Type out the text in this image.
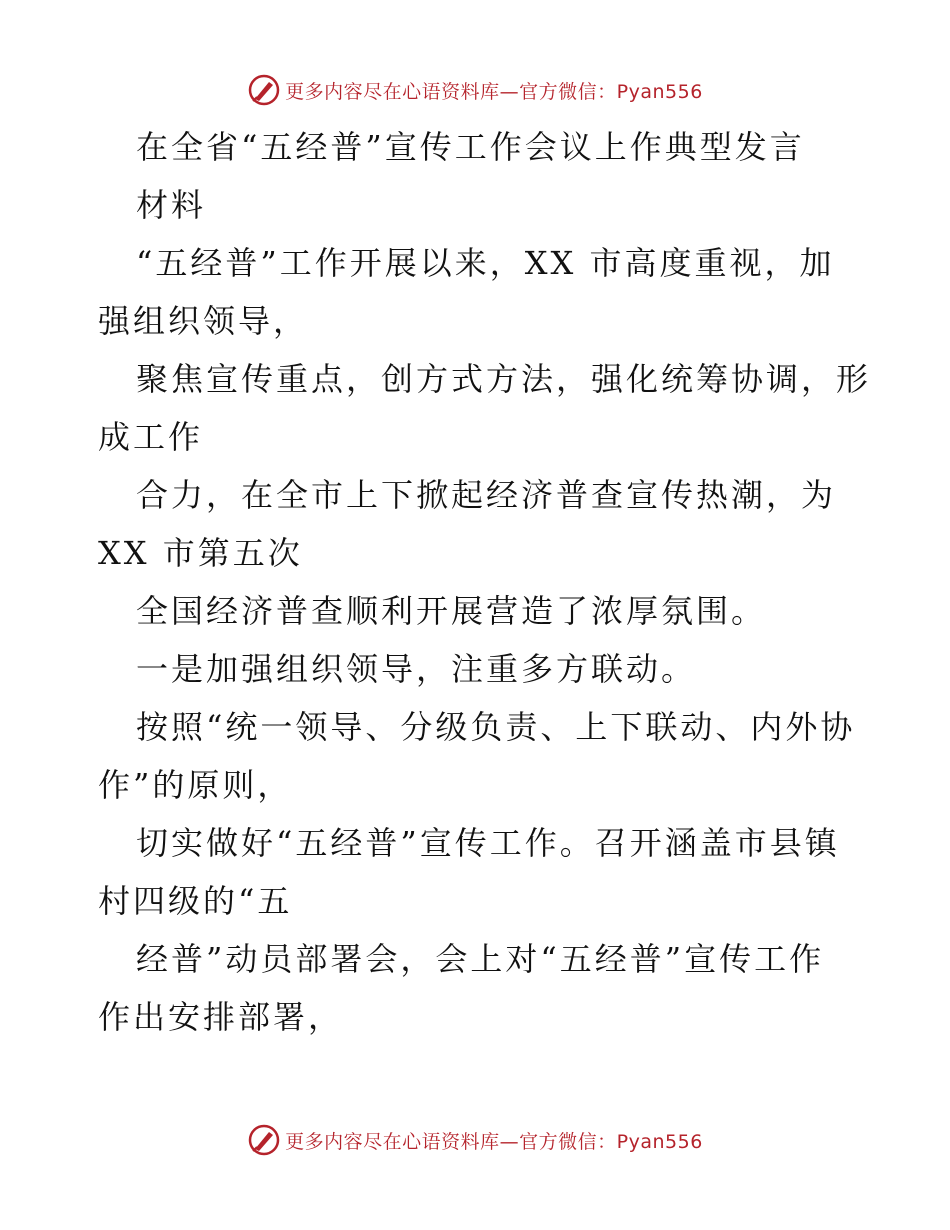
更多内容尽在心语资料库—官方微信：Pyan556
在全省“五经普”宣传工作会议上作典型发言
材料
“五经普”工作开展以来，XX 市高度重视，加
强组织领导，
聚焦宣传重点，创方式方法，强化统筹协调，形
成工作
合力，在全市上下掀起经济普查宣传热潮，为
XX 市第五次
全国经济普查顺利开展营造了浓厚氛围。
一是加强组织领导，注重多方联动。
按照“统一领导、分级负责、上下联动、内外协
作”的原则，
切实做好“五经普”宣传工作。召开涵盖市县镇
村四级的“五
经普”动员部署会，会上对“五经普”宣传工作
作出安排部署，
更多内容尽在心语资料库—官方微信：Pyan556
